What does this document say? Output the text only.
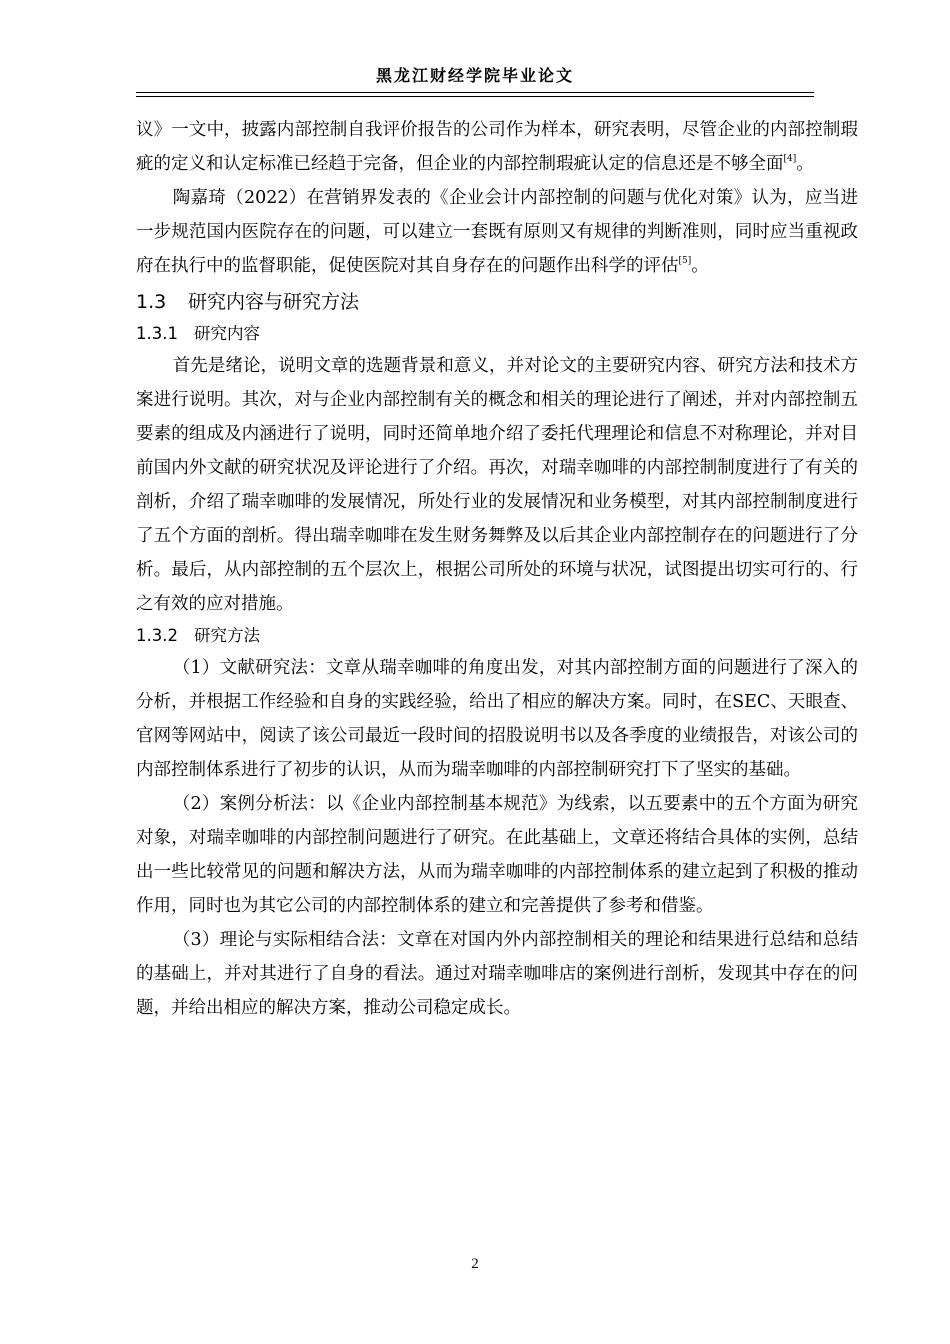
黑龙江财经学院毕业论文

议》一文中，披露内部控制自我评价报告的公司作为样本，研究表明，尽管企业的内部控制瑕疵的定义和认定标准已经趋于完备，但企业的内部控制瑕疵认定的信息还是不够全面[4]。

陶嘉琦（2022）在营销界发表的《企业会计内部控制的问题与优化对策》认为，应当进一步规范国内医院存在的问题，可以建立一套既有原则又有规律的判断准则，同时应当重视政府在执行中的监督职能，促使医院对其自身存在的问题作出科学的评估[5]。

1.3 研究内容与研究方法
1.3.1 研究内容

首先是绪论，说明文章的选题背景和意义，并对论文的主要研究内容、研究方法和技术方案进行说明。其次，对与企业内部控制有关的概念和相关的理论进行了阐述，并对内部控制五要素的组成及内涵进行了说明，同时还简单地介绍了委托代理理论和信息不对称理论，并对目前国内外文献的研究状况及评论进行了介绍。再次，对瑞幸咖啡的内部控制制度进行了有关的剖析，介绍了瑞幸咖啡的发展情况，所处行业的发展情况和业务模型，对其内部控制制度进行了五个方面的剖析。得出瑞幸咖啡在发生财务舞弊及以后其企业内部控制存在的问题进行了分析。最后，从内部控制的五个层次上，根据公司所处的环境与状况，试图提出切实可行的、行之有效的应对措施。

1.3.2 研究方法

（1）文献研究法：文章从瑞幸咖啡的角度出发，对其内部控制方面的问题进行了深入的分析，并根据工作经验和自身的实践经验，给出了相应的解决方案。同时，在SEC、天眼查、官网等网站中，阅读了该公司最近一段时间的招股说明书以及各季度的业绩报告，对该公司的内部控制体系进行了初步的认识，从而为瑞幸咖啡的内部控制研究打下了坚实的基础。

（2）案例分析法：以《企业内部控制基本规范》为线索，以五要素中的五个方面为研究对象，对瑞幸咖啡的内部控制问题进行了研究。在此基础上，文章还将结合具体的实例，总结出一些比较常见的问题和解决方法，从而为瑞幸咖啡的内部控制体系的建立起到了积极的推动作用，同时也为其它公司的内部控制体系的建立和完善提供了参考和借鉴。

（3）理论与实际相结合法：文章在对国内外内部控制相关的理论和结果进行总结和总结的基础上，并对其进行了自身的看法。通过对瑞幸咖啡店的案例进行剖析，发现其中存在的问题，并给出相应的解决方案，推动公司稳定成长。

2
